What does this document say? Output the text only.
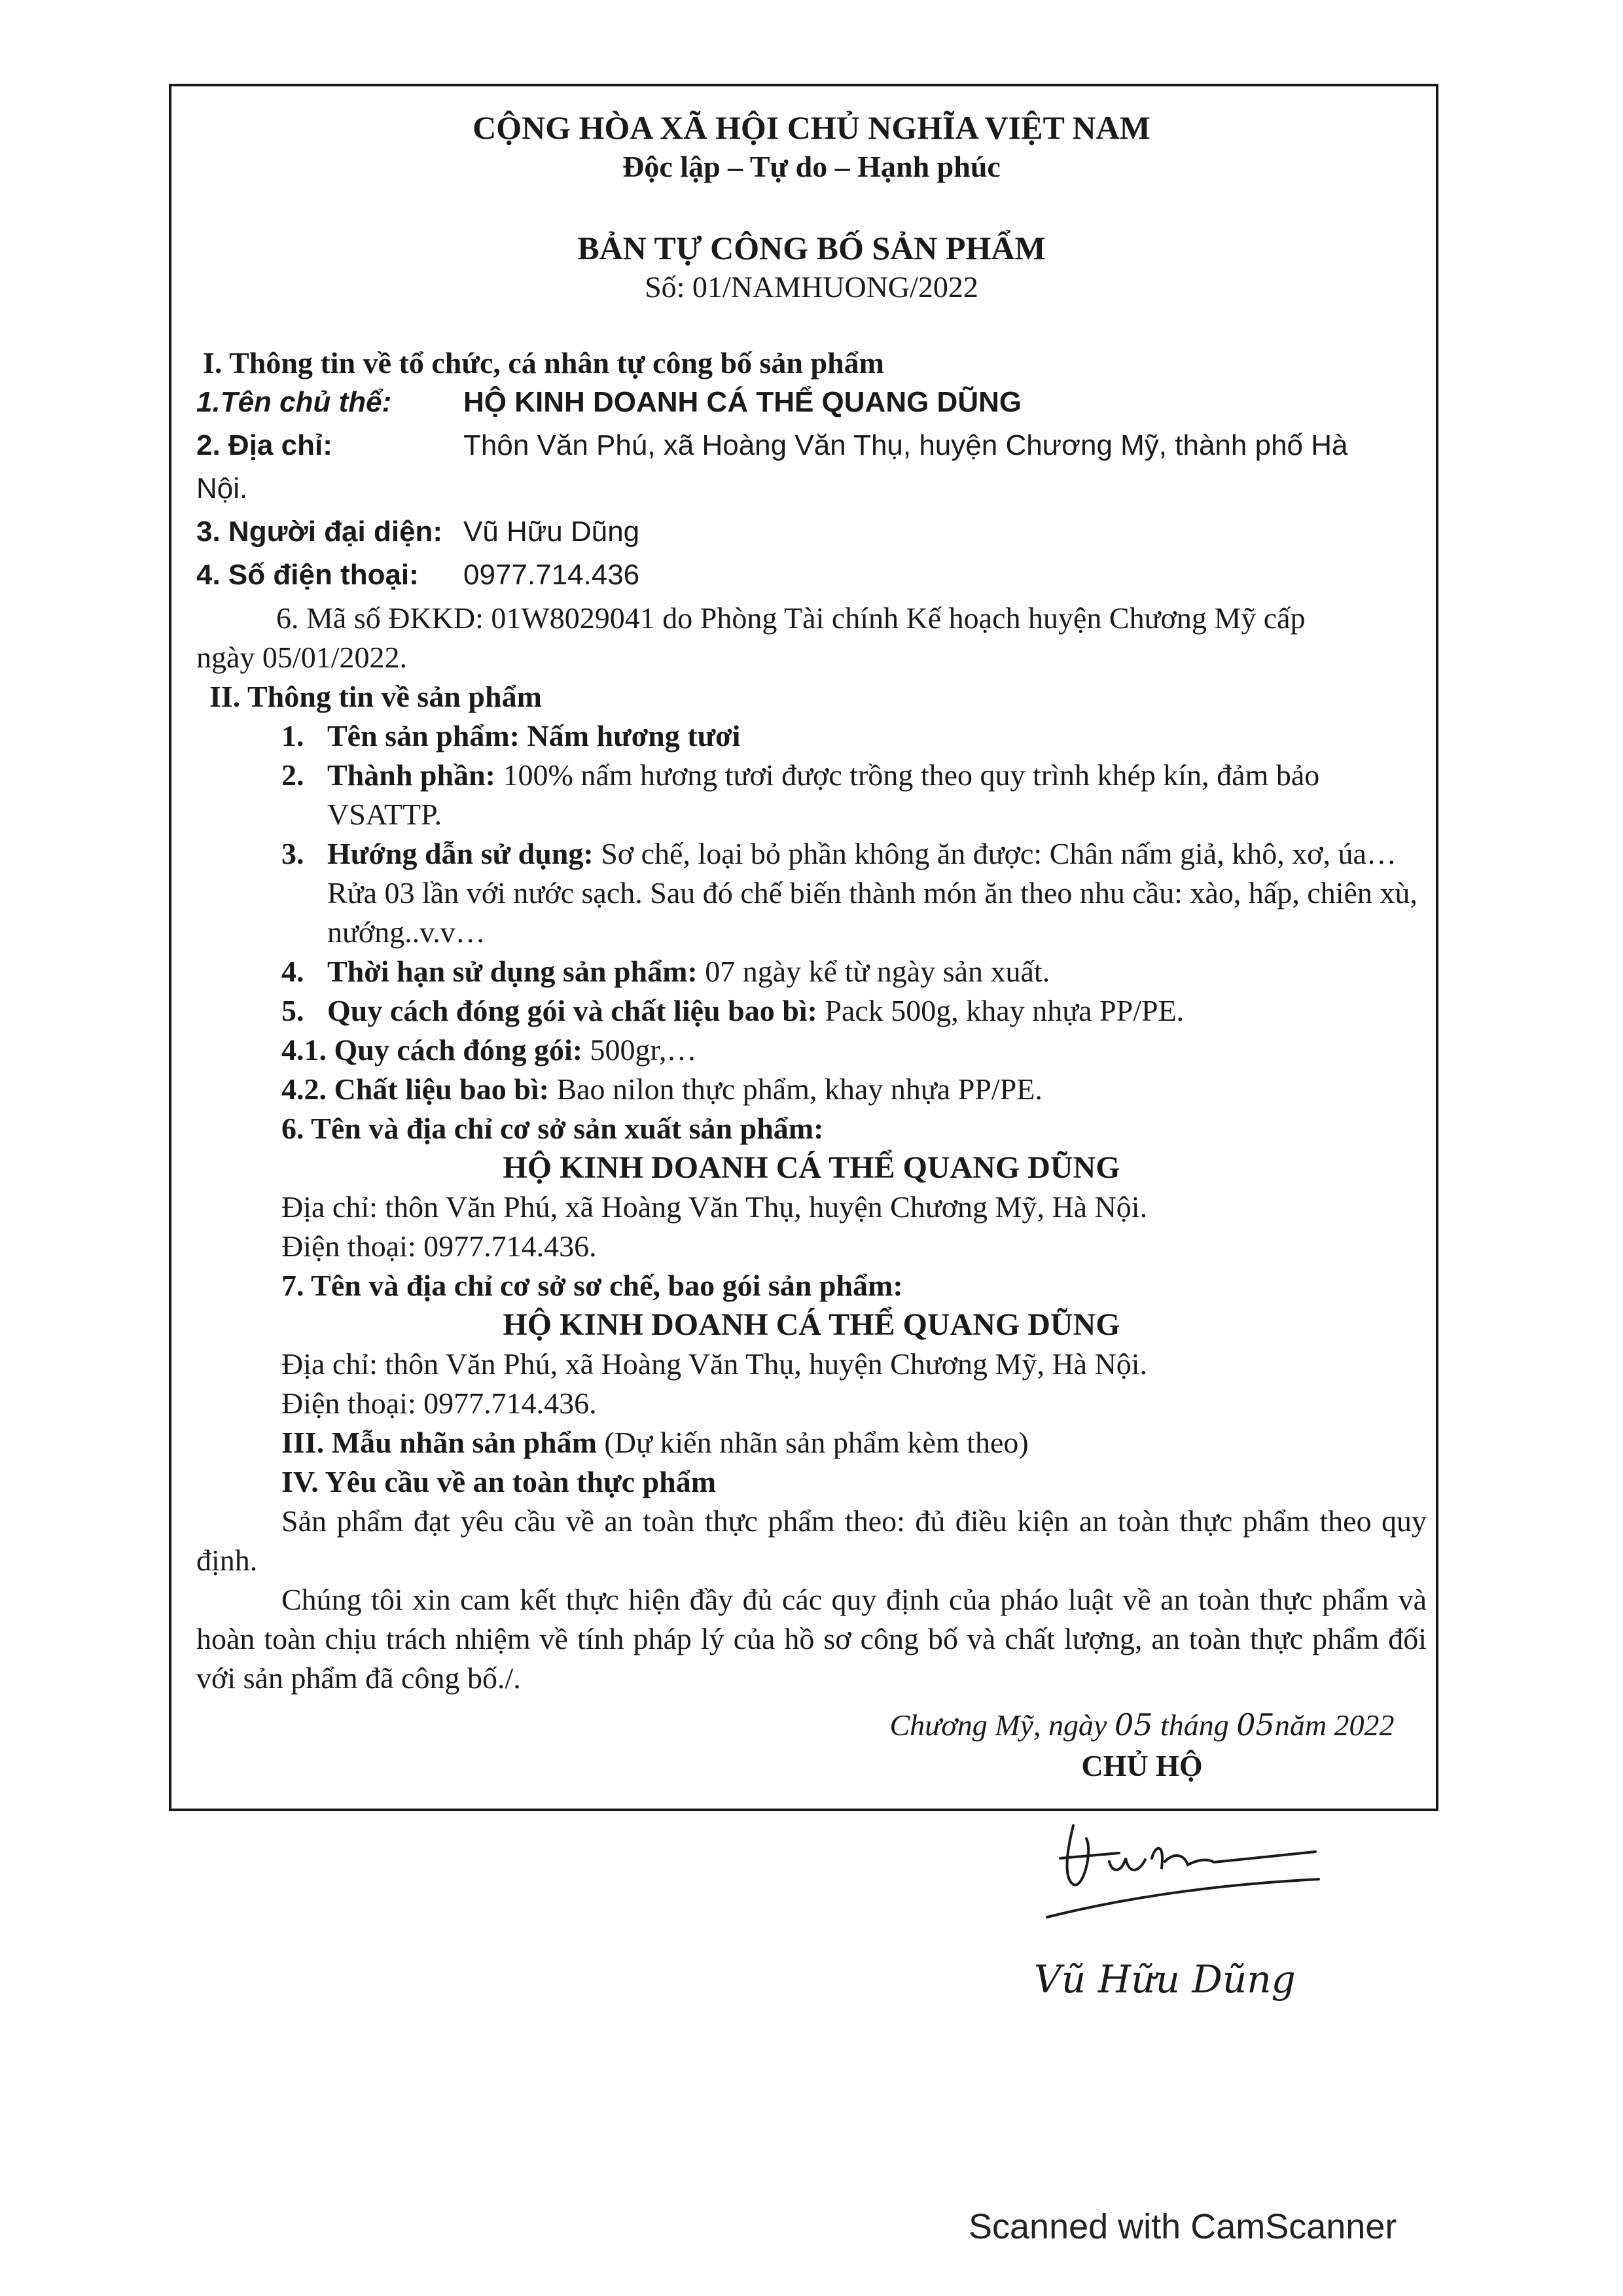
CỘNG HÒA XÃ HỘI CHỦ NGHĨA VIỆT NAM
Độc lập – Tự do – Hạnh phúc
BẢN TỰ CÔNG BỐ SẢN PHẨM
Số: 01/NAMHUONG/2022
I. Thông tin về tổ chức, cá nhân tự công bố sản phẩm
1.Tên chủ thể: HỘ KINH DOANH CÁ THỂ QUANG DŨNG
2. Địa chỉ:	Thôn Văn Phú, xã Hoàng Văn Thụ, huyện Chương Mỹ, thành phố Hà
Nội.
3. Người đại diện: Vũ Hữu Dũng
4. Số điện thoại: 0977.714.436
6. Mã số ĐKKD: 01W8029041 do Phòng Tài chính Kế hoạch huyện Chương Mỹ cấp
ngày 05/01/2022.
II. Thông tin về sản phẩm
1. Tên sản phẩm: Nấm hương tươi
2. Thành phần: 100% nấm hương tươi được trồng theo quy trình khép kín, đảm bảo VSATTP.
3. Hướng dẫn sử dụng: Sơ chế, loại bỏ phần không ăn được: Chân nấm giả, khô, xơ, úa… Rửa 03 lần với nước sạch. Sau đó chế biến thành món ăn theo nhu cầu: xào, hấp, chiên xù, nướng..v.v…
4. Thời hạn sử dụng sản phẩm: 07 ngày kể từ ngày sản xuất.
5. Quy cách đóng gói và chất liệu bao bì: Pack 500g, khay nhựa PP/PE.
4.1. Quy cách đóng gói: 500gr,…
4.2. Chất liệu bao bì: Bao nilon thực phẩm, khay nhựa PP/PE.
6. Tên và địa chỉ cơ sở sản xuất sản phẩm:
HỘ KINH DOANH CÁ THỂ QUANG DŨNG
Địa chỉ: thôn Văn Phú, xã Hoàng Văn Thụ, huyện Chương Mỹ, Hà Nội.
Điện thoại: 0977.714.436.
7. Tên và địa chỉ cơ sở sơ chế, bao gói sản phẩm:
HỘ KINH DOANH CÁ THỂ QUANG DŨNG
Địa chỉ: thôn Văn Phú, xã Hoàng Văn Thụ, huyện Chương Mỹ, Hà Nội.
Điện thoại: 0977.714.436.
III. Mẫu nhãn sản phẩm (Dự kiến nhãn sản phẩm kèm theo)
IV. Yêu cầu về an toàn thực phẩm

Sản phẩm đạt yêu cầu về an toàn thực phẩm theo: đủ điều kiện an toàn thực phẩm theo quy định.

Chúng tôi xin cam kết thực hiện đầy đủ các quy định của pháo luật về an toàn thực phẩm và hoàn toàn chịu trách nhiệm về tính pháp lý của hồ sơ công bố và chất lượng, an toàn thực phẩm đối với sản phẩm đã công bố./.

Chương Mỹ, ngày 05 tháng 05năm 2022
CHỦ HỘ
Vũ Hữu Dũng
Scanned with CamScanner
